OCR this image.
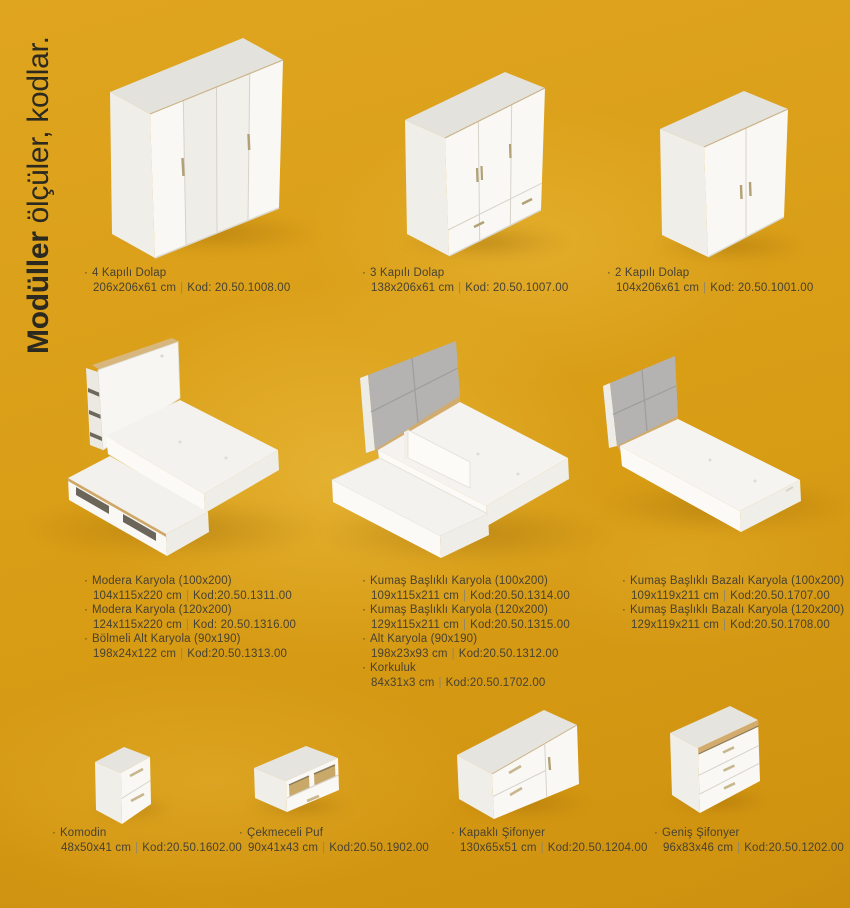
Modüller ölçüler, kodlar.
· 4 Kapılı Dolap
206x206x61 cm | Kod: 20.50.1008.00
· 3 Kapılı Dolap
138x206x61 cm | Kod: 20.50.1007.00
· 2 Kapılı Dolap
104x206x61 cm | Kod: 20.50.1001.00
· Modera Karyola (100x200)
104x115x220 cm | Kod:20.50.1311.00
· Modera Karyola (120x200)
124x115x220 cm | Kod: 20.50.1316.00
· Bölmeli Alt Karyola (90x190)
198x24x122 cm | Kod:20.50.1313.00
· Kumaş Başlıklı Karyola (100x200)
109x115x211 cm | Kod:20.50.1314.00
· Kumaş Başlıklı Karyola (120x200)
129x115x211 cm | Kod:20.50.1315.00
· Alt Karyola (90x190)
198x23x93 cm | Kod:20.50.1312.00
· Korkuluk
84x31x3 cm | Kod:20.50.1702.00
· Kumaş Başlıklı Bazalı Karyola (100x200)
109x119x211 cm | Kod:20.50.1707.00
· Kumaş Başlıklı Bazalı Karyola (120x200)
129x119x211 cm | Kod:20.50.1708.00
· Komodin
48x50x41 cm | Kod:20.50.1602.00
· Çekmeceli Puf
90x41x43 cm | Kod:20.50.1902.00
· Kapaklı Şifonyer
130x65x51 cm | Kod:20.50.1204.00
· Geniş Şifonyer
96x83x46 cm | Kod:20.50.1202.00
